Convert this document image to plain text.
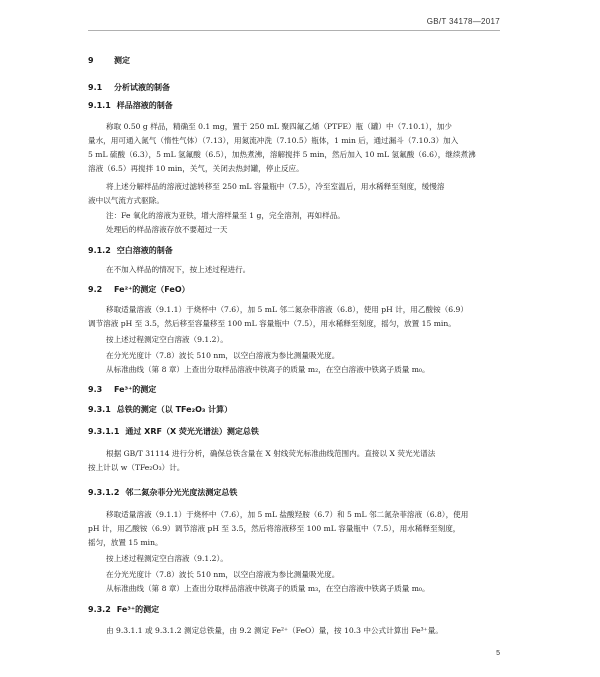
GB/T 34178—2017
9	测定
9.1 分析试液的制备
9.1.1 样品溶液的制备
称取 0.50 g 样品，精确至 0.1 mg，置于 250 mL 聚四氟乙烯（PTFE）瓶（罐）中（7.10.1），加少
量水，用可通入氮气（惰性气体）（7.13），用氮流冲洗（7.10.5）瓶体，1 min 后，通过漏斗（7.10.3）加入
5 mL 硫酸（6.3），5 mL 氢氟酸（6.5），加热煮沸，溶解搅拌 5 min，然后加入 10 mL 氢氟酸（6.6），继续煮沸
溶液（6.5）再搅拌 10 min，关气，关闭去热封罐，停止反应。
将上述分解样品的溶液过滤转移至 250 mL 容量瓶中（7.5），冷至室温后，用水稀释至刻度，缓慢溶
液中以气流方式驱除。
注：Fe 氧化的溶液为亚铁，增大溶样量至 1 g，完全溶剂，再如样品。
处理后的样品溶液存放不要超过一天
9.1.2 空白溶液的制备
在不加入样品的情况下，按上述过程进行。
9.2 Fe²⁺的测定（FeO）
移取适量溶液（9.1.1）于烧杯中（7.6），加 5 mL 邻二氮杂菲溶液（6.8），使用 pH 计，用乙酸铵（6.9）
调节溶液 pH 至 3.5，然后移至容量移至 100 mL 容量瓶中（7.5），用水稀释至刻度，摇匀，放置 15 min。
按上述过程测定空白溶液（9.1.2）。
在分光光度计（7.8）波长 510 nm，以空白溶液为参比测量吸光度。
从标准曲线（第 8 章）上查出分取样品溶液中铁离子的质量 m₂，在空白溶液中铁离子质量 m₀。
9.3 Fe³⁺的测定
9.3.1 总铁的测定（以 TFe₂O₃ 计算）
9.3.1.1 通过 XRF（X 荧光光谱法）测定总铁
根据 GB/T 31114 进行分析，确保总铁含量在 X 射线荧光标准曲线范围内。直接以 X 荧光光谱法
按上计以 w（TFe₂O₃）计。
9.3.1.2 邻二氮杂菲分光光度法测定总铁
移取适量溶液（9.1.1）于烧杯中（7.6），加 5 mL 盐酸羟胺（6.7）和 5 mL 邻二氮杂菲溶液（6.8），使用
pH 计，用乙酸铵（6.9）调节溶液 pH 至 3.5，然后将溶液移至 100 mL 容量瓶中（7.5），用水稀释至刻度，
摇匀，放置 15 min。
按上述过程测定空白溶液（9.1.2）。
在分光光度计（7.8）波长 510 nm，以空白溶液为参比测量吸光度。
从标准曲线（第 8 章）上查出分取样品溶液中铁离子的质量 m₃，在空白溶液中铁离子质量 m₀。
9.3.2 Fe³⁺的测定
由 9.3.1.1 或 9.3.1.2 测定总铁量，由 9.2 测定 Fe²⁺（FeO）量，按 10.3 中公式计算出 Fe³⁺量。
5
